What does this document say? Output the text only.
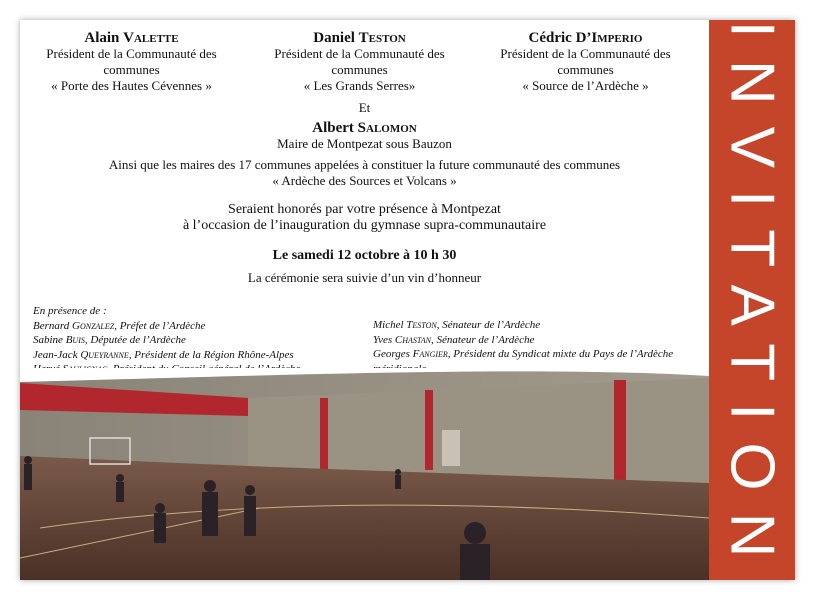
Alain Valette
Président de la Communauté des communes
« Porte des Hautes Cévennes »
Daniel Teston
Président de la Communauté des communes
« Les Grands Serres»
Cédric D’Imperio
Président de la Communauté des communes
« Source de l’Ardèche »
Et
Albert Salomon
Maire de Montpezat sous Bauzon
Ainsi que les maires des 17 communes appelées à constituer la future communauté des communes
« Ardèche des Sources et Volcans »
Seraient honorés par votre présence à Montpezat
à l’occasion de l’inauguration du gymnase supra-communautaire
Le samedi 12 octobre à 10 h 30
La cérémonie sera suivie d’un vin d’honneur
En présence de :
Bernard Gonzalez, Préfet de l’Ardèche
Sabine Buis, Députée de l’Ardèche
Jean-Jack Queyranne, Président de la Région Rhône-Alpes
Michel Teston, Sénateur de l’Ardèche
Yves Chastan, Sénateur de l’Ardèche
Georges Fangier, Président du Syndicat mixte du Pays de l’Ardèche INVITATION
